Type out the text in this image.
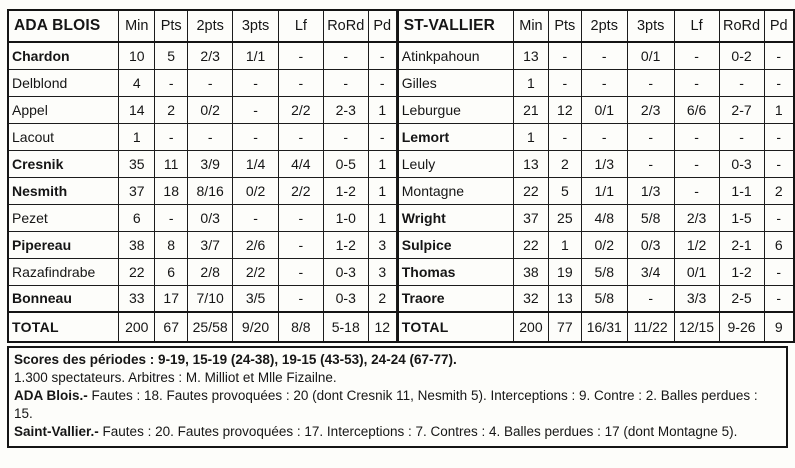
ADA BLOIS	Min	Pts	2pts	3pts	Lf	RoRd	Pd
Chardon	10	5	2/3	1/1	-	-	-
Delblond	4	-	-	-	-	-	-
Appel	14	2	0/2	-	2/2	2-3	1
Lacout	1	-	-	-	-	-	-
Cresnik	35	11	3/9	1/4	4/4	0-5	1
Nesmith	37	18	8/16	0/2	2/2	1-2	1
Pezet	6	-	0/3	-	-	1-0	1
Pipereau	38	8	3/7	2/6	-	1-2	3
Razafindrabe	22	6	2/8	2/2	-	0-3	3
Bonneau	33	17	7/10	3/5	-	0-3	2
TOTAL	200	67	25/58	9/20	8/8	5-18	12
ST-VALLIER	Min	Pts	2pts	3pts	Lf	RoRd	Pd
Atinkpahoun	13	-	-	0/1	-	0-2	-
Gilles	1	-	-	-	-	-	-
Leburgue	21	12	0/1	2/3	6/6	2-7	1
Lemort	1	-	-	-	-	-	-
Leuly	13	2	1/3	-	-	0-3	-
Montagne	22	5	1/1	1/3	-	1-1	2
Wright	37	25	4/8	5/8	2/3	1-5	-
Sulpice	22	1	0/2	0/3	1/2	2-1	6
Thomas	38	19	5/8	3/4	0/1	1-2	-
Traore	32	13	5/8	-	3/3	2-5	-
TOTAL	200	77	16/31	11/22	12/15	9-26	9

Scores des périodes : 9-19, 15-19 (24-38), 19-15 (43-53), 24-24 (67-77).

1.300 spectateurs. Arbitres : M. Milliot et Mlle Fizailne.

ADA Blois.- Fautes : 18. Fautes provoquées : 20 (dont Cresnik 11, Nesmith 5). Interceptions : 9. Contre : 2. Balles perdues : 15.

Saint-Vallier.- Fautes : 20. Fautes provoquées : 17. Interceptions : 7. Contres : 4. Balles perdues : 17 (dont Montagne 5).
